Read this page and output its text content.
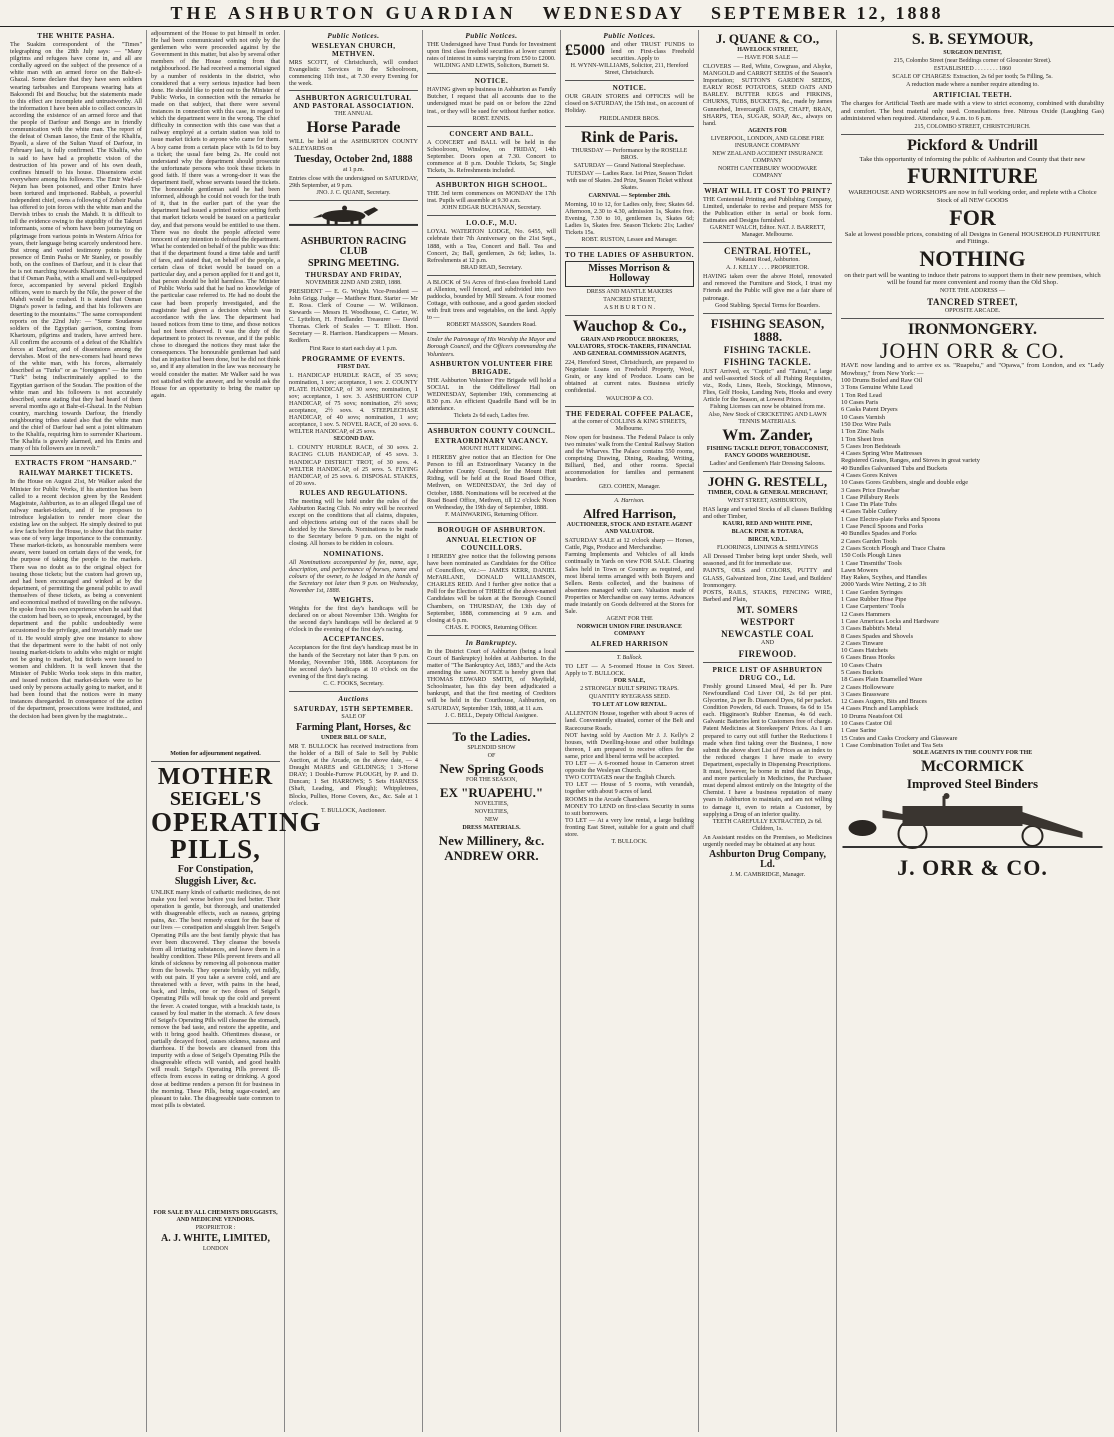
THE ASHBURTON GUARDIAN WEDNESDAY SEPTEMBER 12, 1888
THE WHITE PASHA.

The Suakim correspondent of the "Times" telegraphing on the 28th July says: — "Many pilgrims and refugees have come in, and all are cordially agreed on the subject of the presence of a white man with an armed force on the Bahr-el-Ghazal. Some declare that they have seen soldiers wearing tarbushes and Europeans wearing hats at Bakoondi Ibi and Boucha; but the statements made to this effect are incomplete and untrustworthy. All the information I have been able to collect concurs in according the existence of an armed force and that the people of Darfour and Bongo are in friendly communication with the white man. The report of the defeat of Osman Ianoo, the Emir of the Khalifa, Byaoli, a slave of the Sultan Yusuf of Darfour, in February last, is fully confirmed. The Khalifa, who is said to have had a prophetic vision of the destruction of his power and of his own death, confines himself to his house. Dissensions exist everywhere among his followers. The Emir Wad-el-Nejum has been poisoned, and other Emirs have been tortured and imprisoned. Rabbah, a powerful independent chief, owns a following of Zobeir Pasha has offered to join forces with the white man and the Dervish tribes to crush the Mahdi. It is difficult to tell the evidence owing to the stupidity of the Takruri informants, some of whom have been journeying on pilgrimage from various points in Western Africa for years, their language being scarcely understood here. But strong and varied testimony points to the presence of Emin Pasha or Mr Stanley, or possibly both, on the confines of Darfour, and it is clear that he is not marching towards Khartoum. It is believed that if Osman Pasha, with a small and well-equipped force, accompanied by several picked English officers, were to march by the Nile, the power of the Mahdi would be crushed. It is stated that Osman Digna's power is fading, and that his followers are deserting to the mountains." The same correspondent reports on the 22nd July: — "Some Soudanese soldiers of the Egyptian garrison, coming from Khartoum, pilgrims and traders, have arrived here. All confirm the accounts of a defeat of the Khalifa's forces at Darfour, and of dissensions among the dervishes. Most of the new-comers had heard news of the white man, with his forces, alternately described as "Turks" or as "foreigners" — the term "Turk" being indiscriminately applied to the Egyptian garrison of the Soudan. The position of the white man and his followers is not accurately described, some stating that they had heard of them several months ago at Bahr-el-Ghazal. In the Nubian country, marching towards Darfour, the friendly neighbouring tribes stated also that the white man and the chief of Darfour had sent a joint ultimatum to the Khalifa, requiring him to surrender Khartoum. The Khalifa is gravely alarmed, and his Emirs and many of his followers are in revolt."

EXTRACTS FROM "HANSARD."
RAILWAY MARKET TICKETS.

In the House on August 21st, Mr Walker asked the Minister for Public Works, if his attention has been called to a recent decision given by the Resident Magistrate, Ashburton, as to an alleged illegal use of railway market-tickets, and if he proposes to introduce legislation to render more clear the existing law on the subject. He simply desired to put a few facts before the House, to show that this matter was one of very large importance to the community. These market-tickets, as honourable members were aware, were issued on certain days of the week, for the purpose of taking the people to the markets. There was no doubt as to the original object for issuing those tickets; but the custom had grown up, and had been encouraged and winked at by the department, of permitting the general public to avail themselves of these tickets, as being a convenient and economical method of travelling on the railways. He spoke from his own experience when he said that the custom had been, so to speak, encouraged, by the department and the public undoubtedly were accustomed to the privilege, and invariably made use of it. He would simply give one instance to show that the department were to the habit of not only issuing market-tickets to adults who might or might not be going to market, but tickets were issued to women and children. It is well known that the Minister of Public Works took steps in this matter, and issued notices that market-tickets were to be used only by persons actually going to market, and it had been found that the notices were in many instances disregarded. In consequence of the action of the department, prosecutions were instituted, and the decision had been given by the magistrate...

adjournment of the House to put himself in order. He had been communicated with not only by the gentlemen who were proceeded against by the Government in this matter, but also by several other members of the House coming from that neighbourhood. He had received a memorial signed by a number of residents in the district, who considered that a very serious injustice had been done. He should like to point out to the Minister of Public Works, in connection with the remarks he made on that subject, that there were several instances in connection with this case, in regard to which the department were in the wrong. The chief difficulty in connection with this case was that a railway employé at a certain station was told to issue market tickets to anyone who came for them. A boy came from a certain place with 1s 6d to buy a ticket; the usual fare being 2s. He could not understand why the department should prosecute the unfortunate persons who took these tickets in good faith. If there was a wrong-doer it was the department itself, whose servants issued the tickets. The honourable gentleman said he had been informed, although he could not vouch for the truth of it, that in the earlier part of the year the department had issued a printed notice setting forth that market tickets would be issued on a particular day, and that persons would be entitled to use them. There was no doubt the people affected were innocent of any intention to defraud the department. What he contended on behalf of the public was this: that if the department found a time table and tariff of fares, and stated that, on behalf of the people, a certain class of ticket would be issued on a particular day, and a person applied for it and got it, that person should be held harmless. The Minister of Public Works said that he had no knowledge of the particular case referred to. He had no doubt the case had been properly investigated, and the magistrate had given a decision which was in accordance with the law. The department had issued notices from time to time, and those notices had not been observed. It was the duty of the department to protect its revenue, and if the public chose to disregard the notices they must take the consequences. The honourable gentleman had said that an injustice had been done, but he did not think so, and if any alteration in the law was necessary he would consider the matter. Mr Walker said he was not satisfied with the answer, and he would ask the House for an opportunity to bring the matter up again.

Motion for adjournment negatived.
MOTHER
SEIGEL'S
OPERATING
PILLS,
For Constipation,
Sluggish Liver, &c.

UNLIKE many kinds of cathartic medicines, do not make you feel worse before you feel better. Their operation is gentle, but thorough, and unattended with disagreeable effects, such as nausea, griping pains, &c. The best remedy extant for the base of our lives — constipation and sluggish liver. Seigel's Operating Pills are the best family physic that has ever been discovered. They cleanse the bowels from all irritating substances, and leave them in a healthy condition. These Pills prevent fevers and all kinds of sickness by removing all poisonous matter from the bowels. They operate briskly, yet mildly, with out pain. If you take a severe cold, and are threatened with a fever, with pains in the head, back, and limbs, one or two doses of Seigel's Operating Pills will break up the cold and prevent the fever. A coated tongue, with a brackish taste, is caused by foul matter in the stomach. A few doses of Seigel's Operating Pills will cleanse the stomach, remove the bad taste, and restore the appetite, and with it bring good health. Oftentimes disease, or partially decayed food, causes sickness, nausea and diarrhoea. If the bowels are cleansed from this impurity with a dose of Seigel's Operating Pills the disagreeable effects will vanish, and good health will result. Seigel's Operating Pills prevent ill-effects from excess in eating or drinking. A good dose at bedtime renders a person fit for business in the morning. These Pills, being sugar-coated, are pleasant to take. The disagreeable taste common to most pills is obviated.

FOR SALE BY ALL CHEMISTS DRUGGISTS, AND MEDICINE VENDORS.
PROPRIETOR :
A. J. WHITE, LIMITED,
LONDON
Public Notices.
WESLEYAN CHURCH, METHVEN.

MRS SCOTT, of Christchurch, will conduct Evangelistic Services in the Schoolroom, commencing 11th inst., at 7.30 every Evening for the week.

ASHBURTON AGRICULTURAL AND PASTORAL ASSOCIATION.
THE ANNUAL
Horse Parade

WILL be held at the ASHBURTON COUNTY SALEYARDS on

Tuesday, October 2nd, 1888
at 1 p.m.

Entries close with the undersigned on SATURDAY, 29th September, at 9 p.m.

JNO. J. C. QUANE, Secretary.
ASHBURTON RACING CLUB
SPRING MEETING.
THURSDAY AND FRIDAY,
NOVEMBER 22ND AND 23RD, 1888.

PRESIDENT — E. G. Wright. Vice-President — John Grigg. Judge — Matthew Hunt. Starter — Mr E. Ross. Clerk of Course — W. Wilkinson. Stewards — Messrs H. Woodhouse, C. Carter, W. C. Lyttelton, H. Friedlander. Treasurer — David Thomas. Clerk of Scales — T. Elliott. Hon. Secretary — R. Harrison. Handicappers — Messrs. Redfern.

First Race to start each day at 1 p.m.
PROGRAMME OF EVENTS.
FIRST DAY.

1. HANDICAP HURDLE RACE, of 35 sovs; nomination, 1 sov; acceptance, 1 sov. 2. COUNTY PLATE HANDICAP, of 30 sovs; nomination, 1 sov; acceptance, 1 sov. 3. ASHBURTON CUP HANDICAP, of 75 sovs; nomination, 2½ sovs; acceptance, 2½ sovs. 4. STEEPLECHASE HANDICAP, of 40 sovs; nomination, 1 sov; acceptance, 1 sov. 5. NOVEL RACE, of 20 sovs. 6. WELTER HANDICAP, of 25 sovs.

SECOND DAY.

1. COUNTY HURDLE RACE, of 30 sovs. 2. RACING CLUB HANDICAP, of 45 sovs. 3. HANDICAP DISTRICT TROT, of 30 sovs. 4. WELTER HANDICAP, of 25 sovs. 5. FLYING HANDICAP, of 25 sovs. 6. DISPOSAL STAKES, of 20 sovs.

RULES AND REGULATIONS.

The meeting will be held under the rules of the Ashburton Racing Club. No entry will be received except on the conditions that all claims, disputes, and objections arising out of the races shall be decided by the Stewards. Nominations to be made to the Secretary before 9 p.m. on the night of closing. All horses to be ridden in colours.

NOMINATIONS.

All Nominations accompanied by fee, name, age, description, and performance of horses, name and colours of the owner, to be lodged in the hands of the Secretary not later than 9 p.m. on Wednesday, November 1st, 1888.

WEIGHTS.

Weights for the first day's handicaps will be declared on or about November 13th. Weights for the second day's handicaps will be declared at 9 o'clock in the evening of the first day's racing.

ACCEPTANCES.

Acceptances for the first day's handicap must be in the hands of the Secretary not later than 9 p.m. on Monday, November 19th, 1888. Acceptances for the second day's handicaps at 10 o'clock on the evening of the first day's racing.

C. C. FOOKS, Secretary.
Auctions
SATURDAY, 15TH SEPTEMBER.
SALE OF
Farming Plant, Horses, &c
UNDER BILL OF SALE,

MR T. BULLOCK has received instructions from the holder of a Bill of Sale to Sell by Public Auction, at the Arcade, on the above date, — 4 Draught MARES and GELDINGS; 1 3-Horse DRAY; 1 Double-Furrow PLOUGH, by P. and D. Duncan; 1 Set HARROWS; 5 Sets HARNESS (Shaft, Leading, and Plough); Whippletrees, Blocks, Pullies, Horse Covers, &c., &c. Sale at 1 o'clock.

T. BULLOCK, Auctioneer.
Public Notices.

THE Undersigned have Trust Funds for Investment upon first class freehold securities at lower current rates of interest in sums varying from £50 to £2000.

WILDING AND LEWIS, Solicitors, Burnett St.
NOTICE.

HAVING given up business in Ashburton as Family Butcher, I request that all accounts due to the undersigned must be paid on or before the 22nd inst., or they will be sued for without further notice.

ROBT. ENNIS.
CONCERT AND BALL.

A CONCERT and BALL will be held in the Schoolroom, Winslow, on FRIDAY, 14th September. Doors open at 7.30. Concert to commence at 8 p.m. Double Tickets, 5s; Single Tickets, 3s. Refreshments included.

ASHBURTON HIGH SCHOOL.

THE 3rd term commences on MONDAY the 17th inst. Pupils will assemble at 9.30 a.m.

JOHN EDGAR BUCHANAN, Secretary.
I.O.O.F., M.U.

LOYAL WATERTON LODGE, No. 6455, will celebrate their 7th Anniversary on the 21st Sept., 1888, with a Tea, Concert and Ball. Tea and Concert, 2s; Ball, gentlemen, 2s 6d; ladies, 1s. Refreshments at 12 p.m.

BRAD READ, Secretary.

A BLOCK of 5¼ Acres of first-class freehold Land at Allenton, well fenced, and subdivided into two paddocks, bounded by Mill Stream. A four roomed Cottage, with outhouse, and a good garden stocked with fruit trees and vegetables, on the land. Apply to —

ROBERT MASSON, Saunders Road.

Under the Patronage of His Worship the Mayor and Borough Council, and the Officers commanding the Volunteers.

ASHBURTON VOLUNTEER FIRE BRIGADE.

THE Ashburton Volunteer Fire Brigade will hold a SOCIAL in the Oddfellows' Hall on WEDNESDAY, September 19th, commencing at 8.30 p.m. An efficient Quadrille Band will be in attendance.

Tickets 2s 6d each, Ladies free.
ASHBURTON COUNTY COUNCIL.
EXTRAORDINARY VACANCY.
MOUNT HUTT RIDING.

I HEREBY give notice that an Election for One Person to fill an Extraordinary Vacancy in the Ashburton County Council, for the Mount Hutt Riding, will be held at the Road Board Office, Methven, on WEDNESDAY, the 3rd day of October, 1888. Nominations will be received at the Road Board Office, Methven, till 12 o'clock Noon on Wednesday, the 19th day of September, 1888.

F. MAINWARING, Returning Officer.
BOROUGH OF ASHBURTON.
ANNUAL ELECTION OF COUNCILLORS.

I HEREBY give notice that the following persons have been nominated as Candidates for the Office of Councillors, viz.:— JAMES KERR, DANIEL McFARLANE, DONALD WILLIAMSON, CHARLES REID. And I further give notice that a Poll for the Election of THREE of the above-named Candidates will be taken at the Borough Council Chambers, on THURSDAY, the 13th day of September, 1888, commencing at 9 a.m. and closing at 6 p.m.

CHAS. E. FOOKS, Returning Officer.
In Bankruptcy.

In the District Court of Ashburton (being a local Court of Bankruptcy) holden at Ashburton. In the matter of "The Bankruptcy Act, 1883," and the Acts amending the same. NOTICE is hereby given that THOMAS EDWARD SMITH, of Mayfield, Schoolmaster, has this day been adjudicated a bankrupt, and that the first meeting of Creditors will be held in the Courthouse, Ashburton, on SATURDAY, September 15th, 1888, at 11 a.m.

J. C. BELL, Deputy Official Assignee.
To the Ladies.
SPLENDID SHOW
OF
New Spring Goods
FOR THE SEASON,
EX "RUAPEHU."
NOVELTIES,
NOVELTIES,
NEW
DRESS MATERIALS.
New Millinery, &c.
ANDREW ORR.
Public Notices.
£5000 and other TRUST FUNDS to lend on First-class Freehold securities. Apply to

H. WYNN-WILLIAMS, Solicitor, 211, Hereford Street, Christchurch.
NOTICE.

OUR GRAIN STORES and OFFICES will be closed on SATURDAY, the 15th inst., on account of Holiday.

FRIEDLANDER BROS.
Rink de Paris.
THURSDAY — Performance by the ROSELLE BROS.
SATURDAY — Grand National Steeplechase.
TUESDAY — Ladies Race. 1st Prize, Season Ticket with use of Skates. 2nd Prize, Season Ticket without Skates.
CARNIVAL — September 28th.

Morning, 10 to 12, for Ladies only, free; Skates 6d. Afternoon, 2.30 to 4.30, admission 1s, Skates free. Evening, 7.30 to 10, gentlemen 1s, Skates 6d; Ladies 1s, Skates free. Season Tickets: 21s; Ladies' Tickets 15s.

ROBT. RUSTON, Lessee and Manager.
TO THE LADIES OF ASHBURTON.
Misses Morrison & Holloway
DRESS AND MANTLE MAKERS
TANCRED STREET,
A S H B U R T O N .
Wauchop & Co.,
GRAIN AND PRODUCE BROKERS, VALUATORS, STOCK-TAKERS, FINANCIAL AND GENERAL COMMISSION AGENTS,

224, Hereford Street, Christchurch, are prepared to Negotiate Loans on Freehold Property, Wool, Grain, or any kind of Produce. Loans can be obtained at current rates. Business strictly confidential.

WAUCHOP & CO.
THE FEDERAL COFFEE PALACE,
at the corner of COLLINS & KING STREETS, Melbourne.

Now open for business. The Federal Palace is only two minutes' walk from the Central Railway Station and the Wharves. The Palace contains 550 rooms, comprising Drawing, Dining, Reading, Writing, Billiard, Bed, and other rooms. Special accommodation for families and permanent boarders.

GEO. COHEN, Manager.
A. Harrison.
Alfred Harrison,
AUCTIONEER, STOCK AND ESTATE AGENT AND VALUATOR.

SATURDAY SALE at 12 o'clock sharp — Horses, Cattle, Pigs, Produce and Merchandise.

Farming Implements and Vehicles of all kinds continually in Yards on view FOR SALE. Clearing Sales held in Town or Country as required, and most liberal terms arranged with both Buyers and Sellers. Rents collected, and the business of absentees managed with care. Valuation made of Properties or Merchandise on easy terms. Advances made instantly on Goods delivered at the Stores for Sale.

AGENT FOR THE
NORWICH UNION FIRE INSURANCE COMPANY
ALFRED HARRISON
T. Bullock.

TO LET — A 5-roomed House in Cox Street. Apply to T. BULLOCK.

FOR SALE,
2 STRONGLY BUILT SPRING TRAPS.
QUANTITY RYEGRASS SEED.
TO LET AT LOW RENTAL.

ALLENTON House, together with about 9 acres of land. Conveniently situated, corner of the Belt and Racecourse Roads.

NOT having sold by Auction Mr J. J. Kelly's 2 houses, with Dwelling-house and other buildings thereon, I am prepared to receive offers for the same, price and liberal terms will be accepted.

TO LET — A 6-roomed house in Cameron street opposite the Wesleyan Church.

TWO COTTAGES near the English Church.

TO LET — House of 5 rooms, with verandah, together with about 9 acres of land.

ROOMS in the Arcade Chambers.

MONEY TO LEND on first-class Security in sums to suit borrowers.

TO LET — At a very low rental, a large building fronting East Street, suitable for a grain and chaff store.

T. BULLOCK.
J. QUANE & CO.,
HAVELOCK STREET,
— HAVE FOR SALE —

CLOVERS — Red, White, Cowgrass, and Alsyke, MANGOLD and CARROT SEEDS of the Season's Importation; SUTTON'S GARDEN SEEDS, EARLY ROSE POTATOES, SEED OATS AND BARLEY. BUTTER KEGS and FIRKINS, CHURNS, TUBS, BUCKETS, &c., made by James Gunnerhed, Invercargill. OATS, CHAFF, BRAN, SHARPS, TEA, SUGAR, SOAP, &c., always on hand.

AGENTS FOR
LIVERPOOL, LONDON, AND GLOBE FIRE INSURANCE COMPANY
NEW ZEALAND ACCIDENT INSURANCE COMPANY
NORTH CANTERBURY WOODWARE COMPANY
WHAT WILL IT COST TO PRINT?

THE Centennial Printing and Publishing Company, Limited, undertake to revise and prepare MSS for the Publication either in serial or book form. Estimates and Designs furnished.

GARNET WALCH, Editor. NAT. J. BARRETT, Manager. Melbourne.
CENTRAL HOTEL,
Wakanui Road, Ashburton.
A. J. KELLY . . . . PROPRIETOR.

HAVING taken over the above Hotel, renovated and removed the Furniture and Stock, I trust my Friends and the Public will give me a fair share of patronage.

Good Stabling. Special Terms for Boarders.
FISHING SEASON, 1888.
FISHING TACKLE.
FISHING TACKLE.

JUST Arrived, ex "Coptic" and "Tainui," a large and well-assorted Stock of all Fishing Requisites, viz., Rods, Lines, Reels, Stockings, Minnows, Flies, Golf Hooks, Landing Nets, Hooks and every Article for the Season, at Lowest Prices.

Fishing Licenses can now be obtained from me.
Also, New Stock of CRICKETING AND LAWN TENNIS MATERIALS.
Wm. Zander,
FISHING TACKLE DEPOT, TOBACCONIST, FANCY GOODS WAREHOUSE.
Ladies' and Gentlemen's Hair Dressing Saloons.
JOHN G. RESTELL,
TIMBER, COAL & GENERAL MERCHANT,
WEST STREET, ASHBURTON,

HAS large and varied Stocks of all classes Building and other Timber,

KAURI, RED AND WHITE PINE,
BLACK PINE & TOTARA,
BIRCH, V.D.L.
FLOORINGS, LININGS & SHELVINGS

All Dressed Timber being kept under Sheds, well seasoned, and fit for immediate use.

PAINTS, OILS and COLORS, PUTTY and GLASS, Galvanized Iron, Zinc Lead, and Builders' Ironmongery.

POSTS, RAILS, STAKES, FENCING WIRE, Barbed and Plain,

MT. SOMERS
WESTPORT
NEWCASTLE COAL
AND
FIREWOOD.
PRICE LIST OF ASHBURTON DRUG CO., Ld.

Freshly ground Linseed Meal, 4d per lb. Pure Newfoundland Cod Liver Oil, 2s 6d per pint. Glycerine, 2s per lb. Diamond Dyes, 6d per packet. Condition Powders, 6d each. Trusses, 6s 6d to 15s each. Higginson's Rubber Enemas, 4s 6d each. Galvanic Batteries lent to Customers free of charge. Patent Medicines at Storekeepers' Prices. As I am prepared to carry out still further the Reductions I made when first taking over the Business, I now submit the above short List of Prices as an index to the reduced charges I have made to every Department, especially in Dispensing Prescriptions.

It must, however, be borne in mind that in Drugs, and more particularly in Medicines, the Purchaser must depend almost entirely on the Integrity of the Chemist. I have a business reputation of many years in Ashburton to maintain, and am not willing to damage it, even to retain a Customer, by supplying a Drug of an inferior quality.

TEETH CAREFULLY EXTRACTED, 2s 6d. Children, 1s.

An Assistant resides on the Premises, so Medicines urgently needed may be obtained at any hour.

Ashburton Drug Company, Ld.
J. M. CAMBRIDGE, Manager.
S. B. SEYMOUR,
SURGEON DENTIST,
215, Colombo Street (near Beddings corner of Gloucester Street).
ESTABLISHED . . . . . . . . 1860
SCALE OF CHARGES: Extraction, 2s 6d per tooth; 5s Filling, 5s.
A reduction made where a number require attending to.
ARTIFICIAL TEETH.

The charges for Artificial Teeth are made with a view to strict economy, combined with durability and comfort. The best material only used. Consultations free. Nitrous Oxide (Laughing Gas) administered when required. Attendance, 9 a.m. to 6 p.m.

215, COLOMBO STREET, CHRISTCHURCH.
Pickford & Undrill

Take this opportunity of informing the public of Ashburton and County that their new

FURNITURE

WAREHOUSE AND WORKSHOPS are now in full working order, and replete with a Choice Stock of all NEW GOODS

FOR

Sale at lowest possible prices, consisting of all Designs in General HOUSEHOLD FURNITURE and Fittings.

NOTHING

on their part will be wanting to induce their patrons to support them in their new premises, which will be found far more convenient and roomy than the Old Shop.

NOTE THE ADDRESS —
TANCRED STREET,
OPPOSITE ARCADE.
IRONMONGERY.
JOHN ORR & CO.

HAVE now landing and to arrive ex ss. "Ruapehu," and "Opawa," from London, and ex "Lady Mowbray," from New York: —

100 Drums Boiled and Raw Oil
3 Tons Genuine White Lead
1 Ton Red Lead
10 Cases Paris
6 Casks Patent Dryers
10 Cases Varnish
150 Doz Wire Pails
1 Ton Zinc Nails
1 Ton Sheet Iron
5 Cases Iron Bedsteads
4 Cases Spring Wire Mattresses
Registered Grates, Ranges, and Stoves in great variety
40 Bundles Galvanised Tubs and Buckets
4 Cases Gores Knives
10 Cases Gores Grubbers, single and double edge
3 Cases Price Drawbar
1 Case Pillsbury Reels
1 Case Tin Plate Tubs
4 Cases Table Cutlery
1 Case Electro-plate Forks and Spoons
1 Case Pencil Spoons and Forks
40 Bundles Spades and Forks
2 Cases Garden Tools
2 Cases Scotch Plough and Trace Chains
150 Coils Plough Lines
1 Case Tinsmiths' Tools
Lawn Mowers
Hay Rakes, Scythes, and Handles
2000 Yards Wire Netting, 2 to 3ft
1 Case Garden Syringes
1 Case Rubber Hose Pipe
1 Case Carpenters' Tools
12 Cases Hammers
1 Case Americas Locks and Hardware
3 Cases Babbitt's Metal
8 Cases Spades and Shovels
2 Cases Tinware
10 Cases Hatchets
6 Cases Brass Hooks
10 Cases Chairs
5 Cases Buckets
18 Cases Plain Enamelled Ware
2 Cases Hollowware
3 Cases Brassware
12 Cases Augers, Bits and Braces
4 Cases Pinch and Lampblack
10 Drums Neatsfoot Oil
10 Cases Castor Oil
1 Case Sarine
15 Crates and Casks Crockery and Glassware
1 Case Combination Toilet and Tea Sets
SOLE AGENTS IN THE COUNTY FOR THE
McCORMICK
Improved Steel Binders
J. ORR & CO.
